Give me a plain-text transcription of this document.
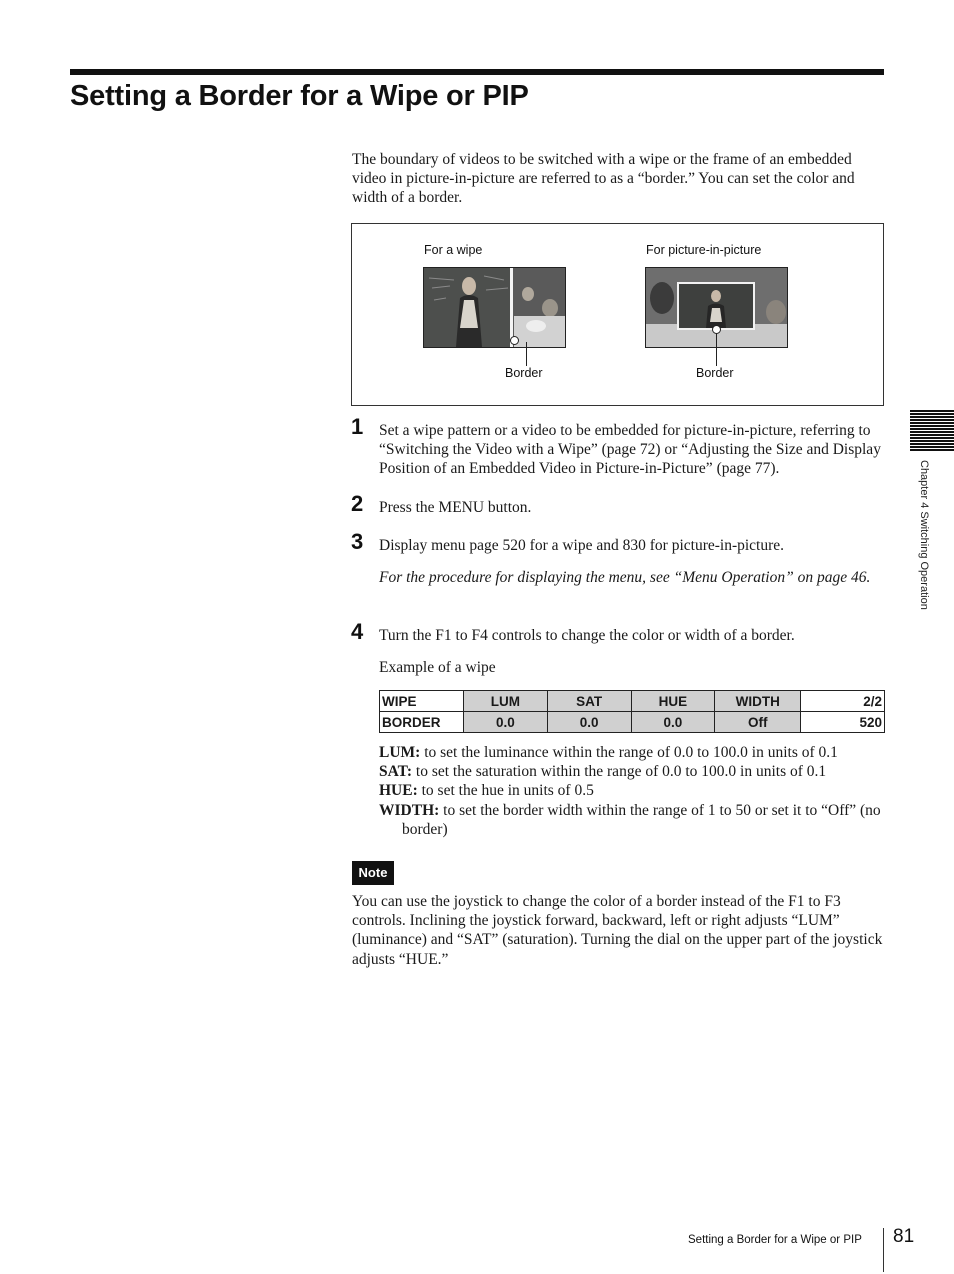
Setting a Border for a Wipe or PIP

The boundary of videos to be switched with a wipe or the frame of an embedded video in picture-in-picture are referred to as a “border.” You can set the color and width of a border.

For a wipe	For picture-in-picture
Border	Border
1 Set a wipe pattern or a video to be embedded for picture-in-picture, referring to “Switching the Video with a Wipe” (page 72) or “Adjusting the Size and Display Position of an Embedded Video in Picture-in-Picture” (page 77).

2 Press the MENU button.

3 Display menu page 520 for a wipe and 830 for picture-in-picture.

For the procedure for displaying the menu, see “Menu Operation” on page 46.

4 Turn the F1 to F4 controls to change the color or width of a border.

Example of a wipe

WIPE	LUM	SAT	HUE	WIDTH	2/2
BORDER	0.0	0.0	0.0	Off	520

LUM: to set the luminance within the range of 0.0 to 100.0 in units of 0.1

SAT: to set the saturation within the range of 0.0 to 100.0 in units of 0.1

HUE: to set the hue in units of 0.5

WIDTH: to set the border width within the range of 1 to 50 or set it to “Off” (no border)

Note

You can use the joystick to change the color of a border instead of the F1 to F3 controls. Inclining the joystick forward, backward, left or right adjusts “LUM” (luminance) and “SAT” (saturation). Turning the dial on the upper part of the joystick adjusts “HUE.”

Chapter 4 Switching Operation
Setting a Border for a Wipe or PIP 81
